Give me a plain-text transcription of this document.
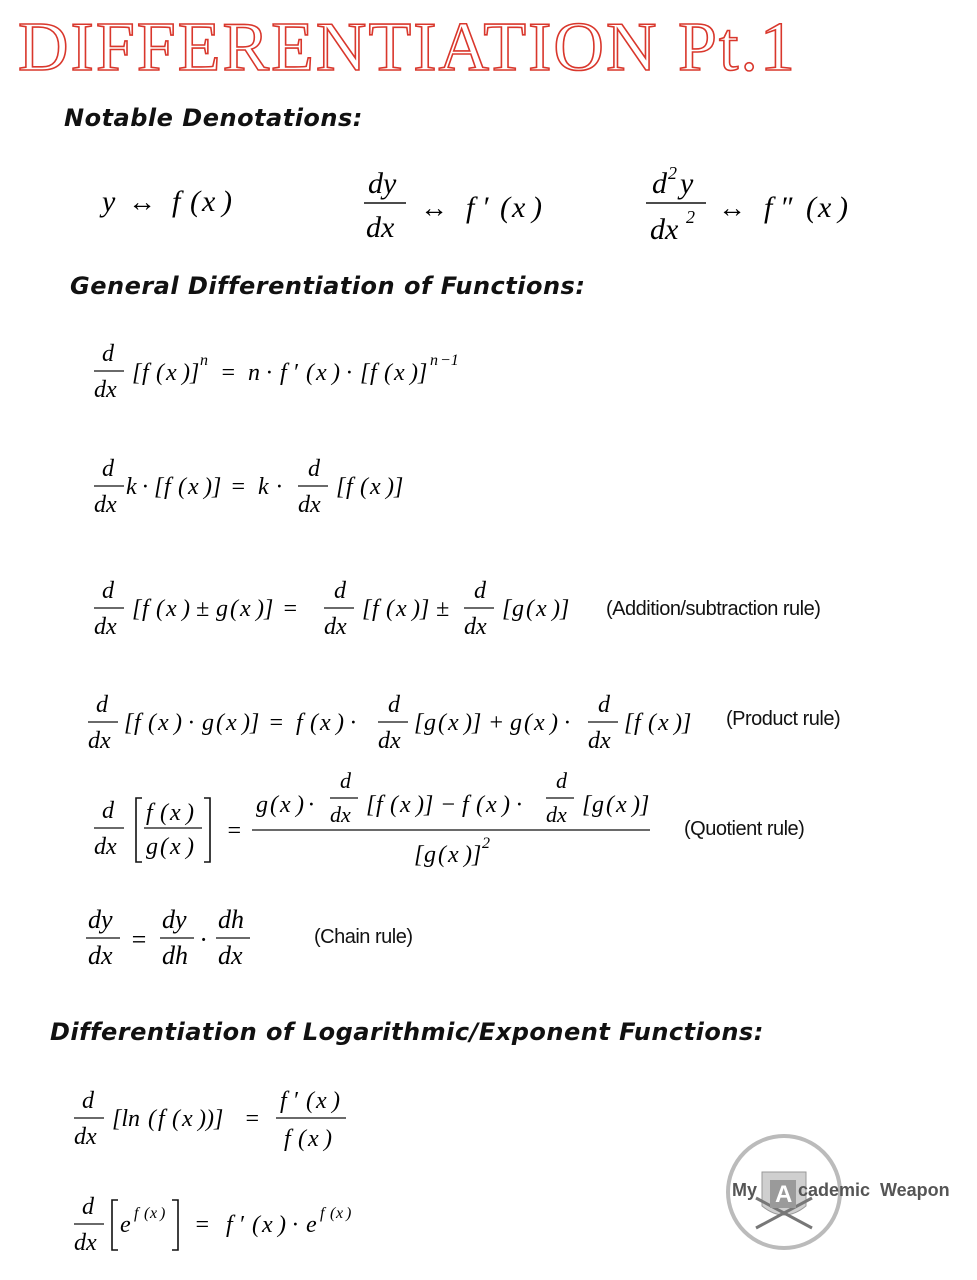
DIFFERENTIATION Pt.1
Notable Denotations:
y ↔ f ( x )
dy
dx
↔ f ′ ( x )
d 2 y
dx 2 ↔ f ″ ( x )
General Differentiation of Functions:
d
dx
[ f ( x )] n = n · f ′ ( x ) · [ f ( x )] n −1
d
dx
k · [ f ( x )] = k ·
d
dx
[ f ( x )]
d
dx
[ f ( x ) ± g ( x )] =
d
dx
[ f ( x )] ±
d
dx
[ g ( x )] (Addition/subtraction rule)
d
dx
[ f ( x ) · g ( x )] = f ( x ) ·
d
dx
[ g ( x )] + g ( x ) ·
d
dx
[ f ( x )] (Product rule)
d
dx
f ( x )
g ( x )
=
g ( x ) ·
d
dx [ f ( x )] − f ( x ) ·
d
dx [ g ( x )]
[ g ( x )] 2
(Quotient rule)
dy
dx
=
dy
dh
·
dh
dx
(Chain rule)
Differentiation of Logarithmic/Exponent Functions:
d
dx
[ln ( f ( x ))] =
f ′ ( x )
f ( x )
d
dx
e f ( x ) = f ′ ( x ) · e f ( x )
My A cademic Weapon
